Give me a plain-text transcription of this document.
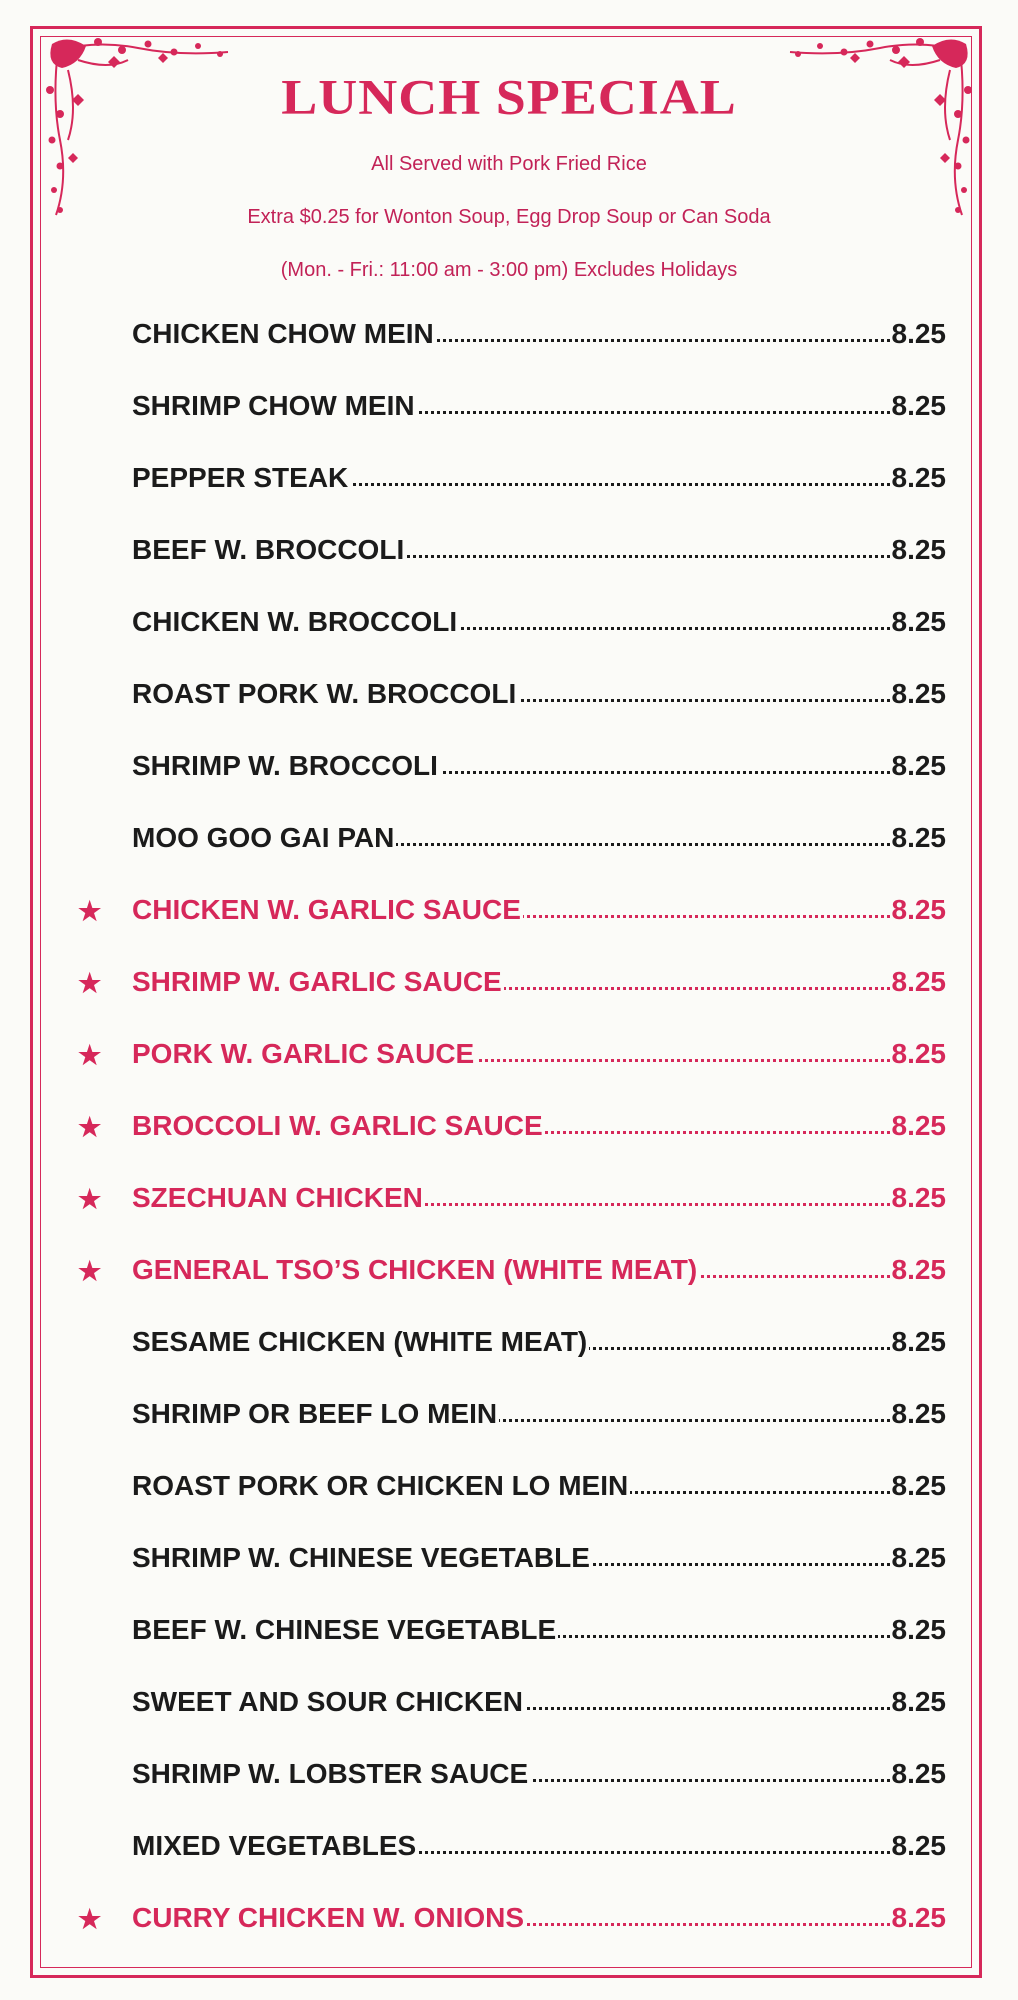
LUNCH SPECIAL

All Served with Pork Fried Rice

Extra $0.25 for Wonton Soup, Egg Drop Soup or Can Soda

(Mon. - Fri.: 11:00 am - 3:00 pm) Excludes Holidays

CHICKEN CHOW MEIN	8.25
SHRIMP CHOW MEIN	8.25
PEPPER STEAK	8.25
BEEF W. BROCCOLI	8.25
CHICKEN W. BROCCOLI	8.25
ROAST PORK W. BROCCOLI	8.25
SHRIMP W. BROCCOLI	8.25
MOO GOO GAI PAN	8.25
★ CHICKEN W. GARLIC SAUCE	8.25
★ SHRIMP W. GARLIC SAUCE	8.25
★ PORK W. GARLIC SAUCE	8.25
★ BROCCOLI W. GARLIC SAUCE	8.25
★ SZECHUAN CHICKEN	8.25
★ GENERAL TSO’S CHICKEN (WHITE MEAT)	8.25
SESAME CHICKEN (WHITE MEAT)	8.25
SHRIMP OR BEEF LO MEIN	8.25
ROAST PORK OR CHICKEN LO MEIN	8.25
SHRIMP W. CHINESE VEGETABLE	8.25
BEEF W. CHINESE VEGETABLE	8.25
SWEET AND SOUR CHICKEN	8.25
SHRIMP W. LOBSTER SAUCE	8.25
MIXED VEGETABLES	8.25
★ CURRY CHICKEN W. ONIONS	8.25
